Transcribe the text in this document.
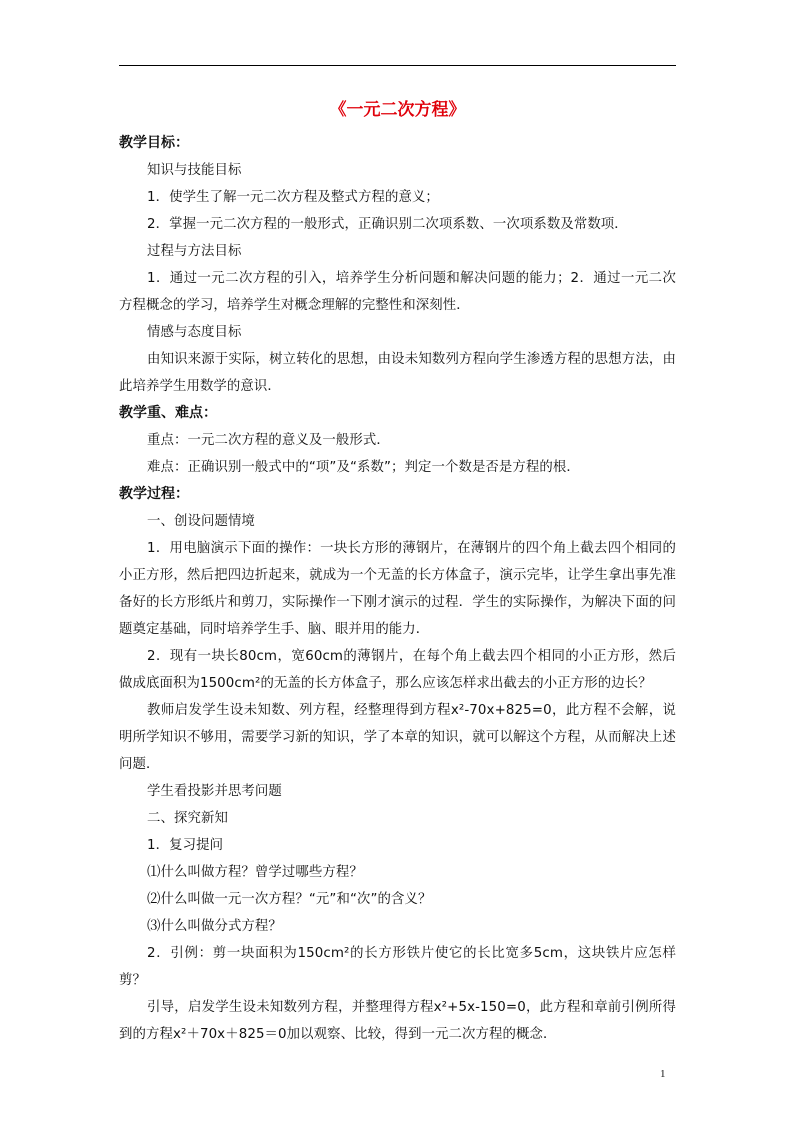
《一元二次方程》
教学目标：

知识与技能目标

1．使学生了解一元二次方程及整式方程的意义；

2．掌握一元二次方程的一般形式，正确识别二次项系数、一次项系数及常数项．

过程与方法目标

1．通过一元二次方程的引入，培养学生分析问题和解决问题的能力；2．通过一元二次方程概念的学习，培养学生对概念理解的完整性和深刻性．

情感与态度目标

由知识来源于实际，树立转化的思想，由设未知数列方程向学生渗透方程的思想方法，由此培养学生用数学的意识．

教学重、难点：

重点：一元二次方程的意义及一般形式．

难点：正确识别一般式中的“项”及“系数”；判定一个数是否是方程的根．

教学过程：

一、创设问题情境

1．用电脑演示下面的操作：一块长方形的薄钢片，在薄钢片的四个角上截去四个相同的小正方形，然后把四边折起来，就成为一个无盖的长方体盒子，演示完毕，让学生拿出事先准备好的长方形纸片和剪刀，实际操作一下刚才演示的过程．学生的实际操作，为解决下面的问题奠定基础，同时培养学生手、脑、眼并用的能力．

2．现有一块长80cm，宽60cm的薄钢片，在每个角上截去四个相同的小正方形，然后做成底面积为1500cm²的无盖的长方体盒子，那么应该怎样求出截去的小正方形的边长？

教师启发学生设未知数、列方程，经整理得到方程x²-70x+825=0，此方程不会解，说明所学知识不够用，需要学习新的知识，学了本章的知识，就可以解这个方程，从而解决上述问题．

学生看投影并思考问题

二、探究新知

1．复习提问

⑴什么叫做方程？曾学过哪些方程？

⑵什么叫做一元一次方程？“元”和“次”的含义？

⑶什么叫做分式方程？

2．引例：剪一块面积为150cm²的长方形铁片使它的长比宽多5cm，这块铁片应怎样剪？

引导，启发学生设未知数列方程，并整理得方程x²+5x-150=0，此方程和章前引例所得到的方程x²＋70x＋825＝0加以观察、比较，得到一元二次方程的概念．

1
